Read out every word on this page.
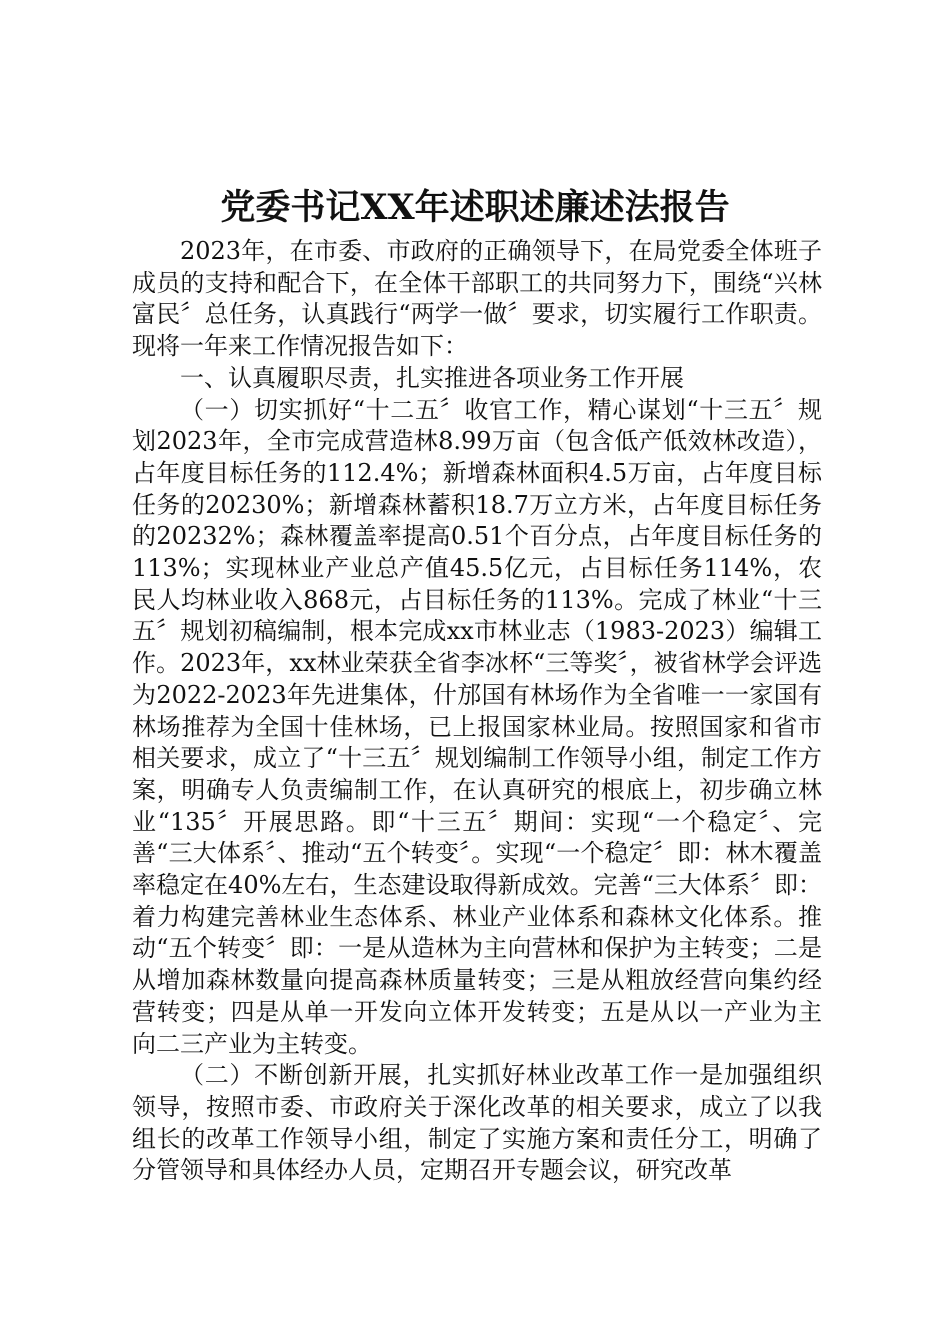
党委书记XX年述职述廉述法报告

2023年，在市委、市政府的正确领导下，在局党委全体班子成员的支持和配合下，在全体干部职工的共同努力下，围绕“兴林富民〞总任务，认真践行“两学一做〞要求，切实履行工作职责。现将一年来工作情况报告如下：

一、认真履职尽责，扎实推进各项业务工作开展

（一）切实抓好“十二五〞收官工作，精心谋划“十三五〞规划2023年，全市完成营造林8.99万亩（包含低产低效林改造），占年度目标任务的112.4%；新增森林面积4.5万亩，占年度目标任务的20230%；新增森林蓄积18.7万立方米，占年度目标任务的20232%；森林覆盖率提高0.51个百分点，占年度目标任务的113%；实现林业产业总产值45.5亿元，占目标任务114%，农民人均林业收入868元，占目标任务的113%。完成了林业“十三五〞规划初稿编制，根本完成xx市林业志（1983-2023）编辑工作。2023年，xx林业荣获全省李冰杯“三等奖〞，被省林学会评选为2022-2023年先进集体，什邡国有林场作为全省唯一一家国有林场推荐为全国十佳林场，已上报国家林业局。按照国家和省市相关要求，成立了“十三五〞规划编制工作领导小组，制定工作方案，明确专人负责编制工作，在认真研究的根底上，初步确立林业“135〞开展思路。即“十三五〞期间：实现“一个稳定〞、完善“三大体系〞、推动“五个转变〞。实现“一个稳定〞即：林木覆盖率稳定在40%左右，生态建设取得新成效。完善“三大体系〞即：着力构建完善林业生态体系、林业产业体系和森林文化体系。推动“五个转变〞即：一是从造林为主向营林和保护为主转变；二是从增加森林数量向提高森林质量转变；三是从粗放经营向集约经营转变；四是从单一开发向立体开发转变；五是从以一产业为主向二三产业为主转变。

（二）不断创新开展，扎实抓好林业改革工作一是加强组织领导，按照市委、市政府关于深化改革的相关要求，成立了以我组长的改革工作领导小组，制定了实施方案和责任分工，明确了分管领导和具体经办人员，定期召开专题会议，研究改革
